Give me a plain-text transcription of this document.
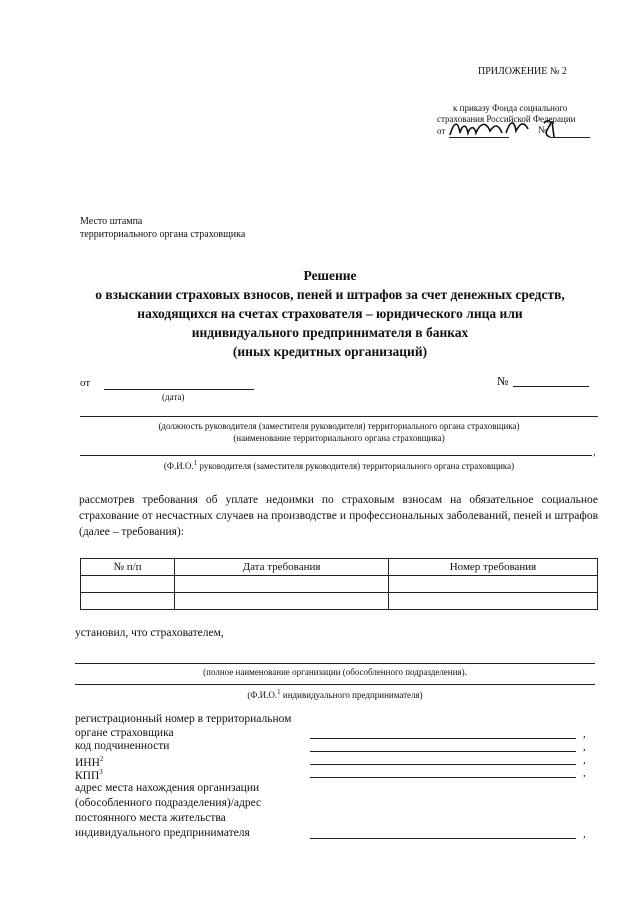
ПРИЛОЖЕНИЕ № 2
к приказу Фонда социального
страхования Российской Федерации
от	№
Место штампа
территориального органа страховщика
Решение
о взыскании страховых взносов, пеней и штрафов за счет денежных средств,
находящихся на счетах страхователя – юридического лица или
индивидуального предпринимателя в банках
(иных кредитных организаций)
от
(дата)
№
(должность руководителя (заместителя руководителя) территориального органа страховщика)
(наименование территориального органа страховщика)
,
(Ф.И.О.$^1$ руководителя (заместителя руководителя) территориального органа страховщика)
рассмотрев требования об уплате недоимки по страховым взносам на обязательное социальное страхование от несчастных случаев на производстве и профессиональных заболеваний, пеней и штрафов (далее – требования):
№ п/п	Дата требования	Номер требования

установил, что страхователем,
(полное наименование организации (обособленного подразделения).
(Ф.И.О.$^1$ индивидуального предпринимателя)
регистрационный номер в территориальном
органе страховщика	,
код подчиненности	,
ИНН$^2$	,
КПП$^3$	,
адрес места нахождения организации
(обособленного подразделения)/адрес
постоянного места жительства
индивидуального предпринимателя	,
